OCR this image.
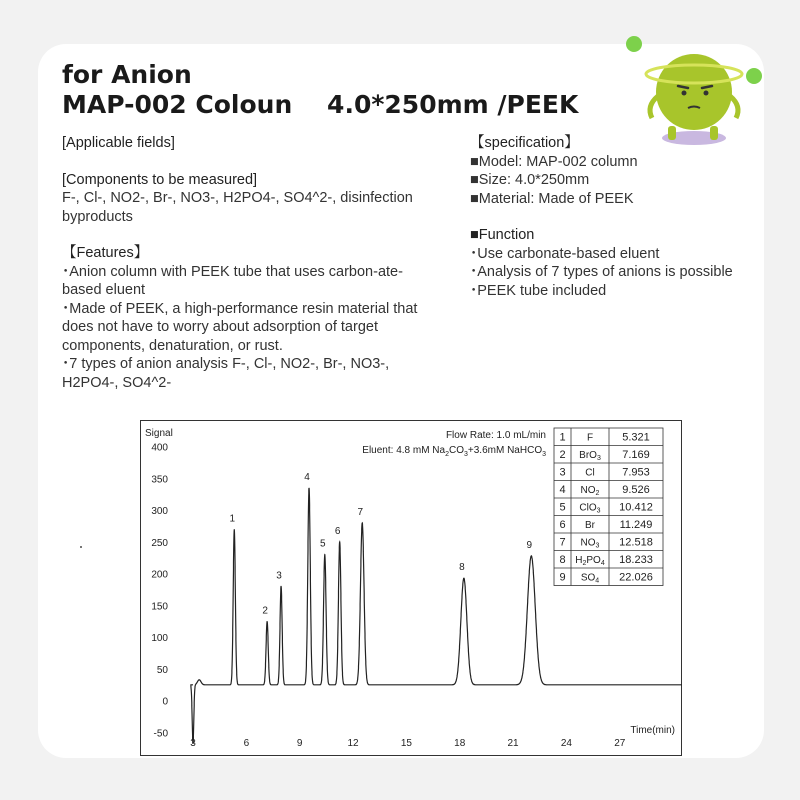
for Anion
MAP-002 Coloun    4.0*250mm /PEEK

[Applicable fields]

[Components to be measured]

F-, Cl-, NO2-, Br-, NO3-, H2PO4-, SO4^2-, disinfection byproducts

【Features】

･Anion column with PEEK tube that uses carbon-ate-based eluent

･Made of PEEK, a high-performance resin material that does not have to worry about adsorption of target components, denaturation, or rust.

･7 types of anion analysis F-, Cl-, NO2-, Br-, NO3-, H2PO4-, SO4^2-

【specification】

■Model: MAP-002 column

■Size: 4.0*250mm

■Material: Made of PEEK

■Function

･Use carbonate-based eluent

･Analysis of 7 types of anions is possible

･PEEK tube included

Signal
Time(min)
Flow Rate: 1.0 mL/min
Eluent: 4.8 mM $Na_2CO_3+3.6mM$ NaHCO$_3$
-50
0
50
100
150
200
250
300
350
400
3	6	9	12	15	18	21	24	27
1
2
3
4
5
6
7
8
9
1 F	5.321
2 BrO$_3$ 7.169
3 Cl	7.953
4 $NO_2$ 9.526
5 ClO$_3$ 10.412
6 Br 11.249
7 $NO_3$ 12.518
8 $H_2PO_4$ 18.233
9 $SO_4$ 22.026
